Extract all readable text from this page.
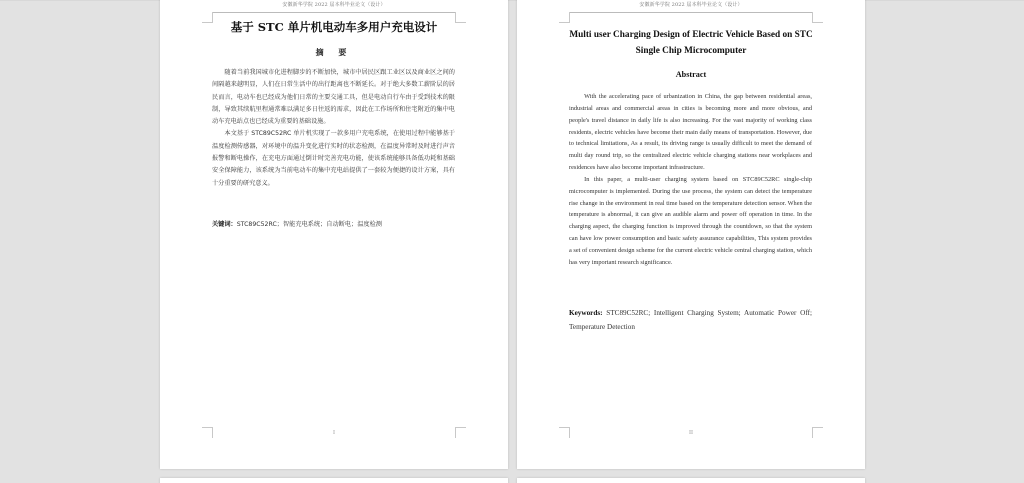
安徽新华学院 2022 届本科毕业论文（设计）
基于 STC 单片机电动车多用户充电设计
摘 要

随着当前我国城市化进程脚步的不断加快，城市中居民区跟工业区以及商业区之间的间隔越来越明显，人们在日常生活中的出行距离也不断延长。对于绝大多数工薪阶层的居民而言，电动车也已经成为他们日常的主要交通工具，但是电动自行车由于受到技术的限制，导致其续航里程通常难以满足多日往返的需求，因此在工作场所和住宅附近的集中电动车充电站点也已经成为重要的基础设施。

本文基于 STC89C52RC 单片机实现了一款多用户充电系统，在使用过程中能够基于温度检测传感器，对环境中的温升变化进行实时的状态检测，在温度异常时及时进行声音报警和断电操作，在充电方面通过倒计时完善充电功能，使该系统能够具备低功耗和基础安全保障能力，该系统为当前电动车的集中充电站提供了一套较为便捷的设计方案，具有十分重要的研究意义。

关键词：STC89C52RC；智能充电系统；自动断电；温度检测
I
安徽新华学院 2022 届本科毕业论文（设计）
Multi user Charging Design of Electric Vehicle Based on STC Single Chip Microcomputer
Abstract

With the accelerating pace of urbanization in China, the gap between residential areas, industrial areas and commercial areas in cities is becoming more and more obvious, and people's travel distance in daily life is also increasing. For the vast majority of working class residents, electric vehicles have become their main daily means of transportation. However, due to technical limitations, As a result, its driving range is usually difficult to meet the demand of multi day round trip, so the centralized electric vehicle charging stations near workplaces and residences have also become important infrastructure.

In this paper, a multi-user charging system based on STC89C52RC single-chip microcomputer is implemented. During the use process, the system can detect the temperature rise change in the environment in real time based on the temperature detection sensor. When the temperature is abnormal, it can give an audible alarm and power off operation in time. In the charging aspect, the charging function is improved through the countdown, so that the system can have low power consumption and basic safety assurance capabilities, This system provides a set of convenient design scheme for the current electric vehicle central charging station, which has very important research significance.

Keywords: STC89C52RC; Intelligent Charging System; Automatic Power Off; Temperature Detection
II
